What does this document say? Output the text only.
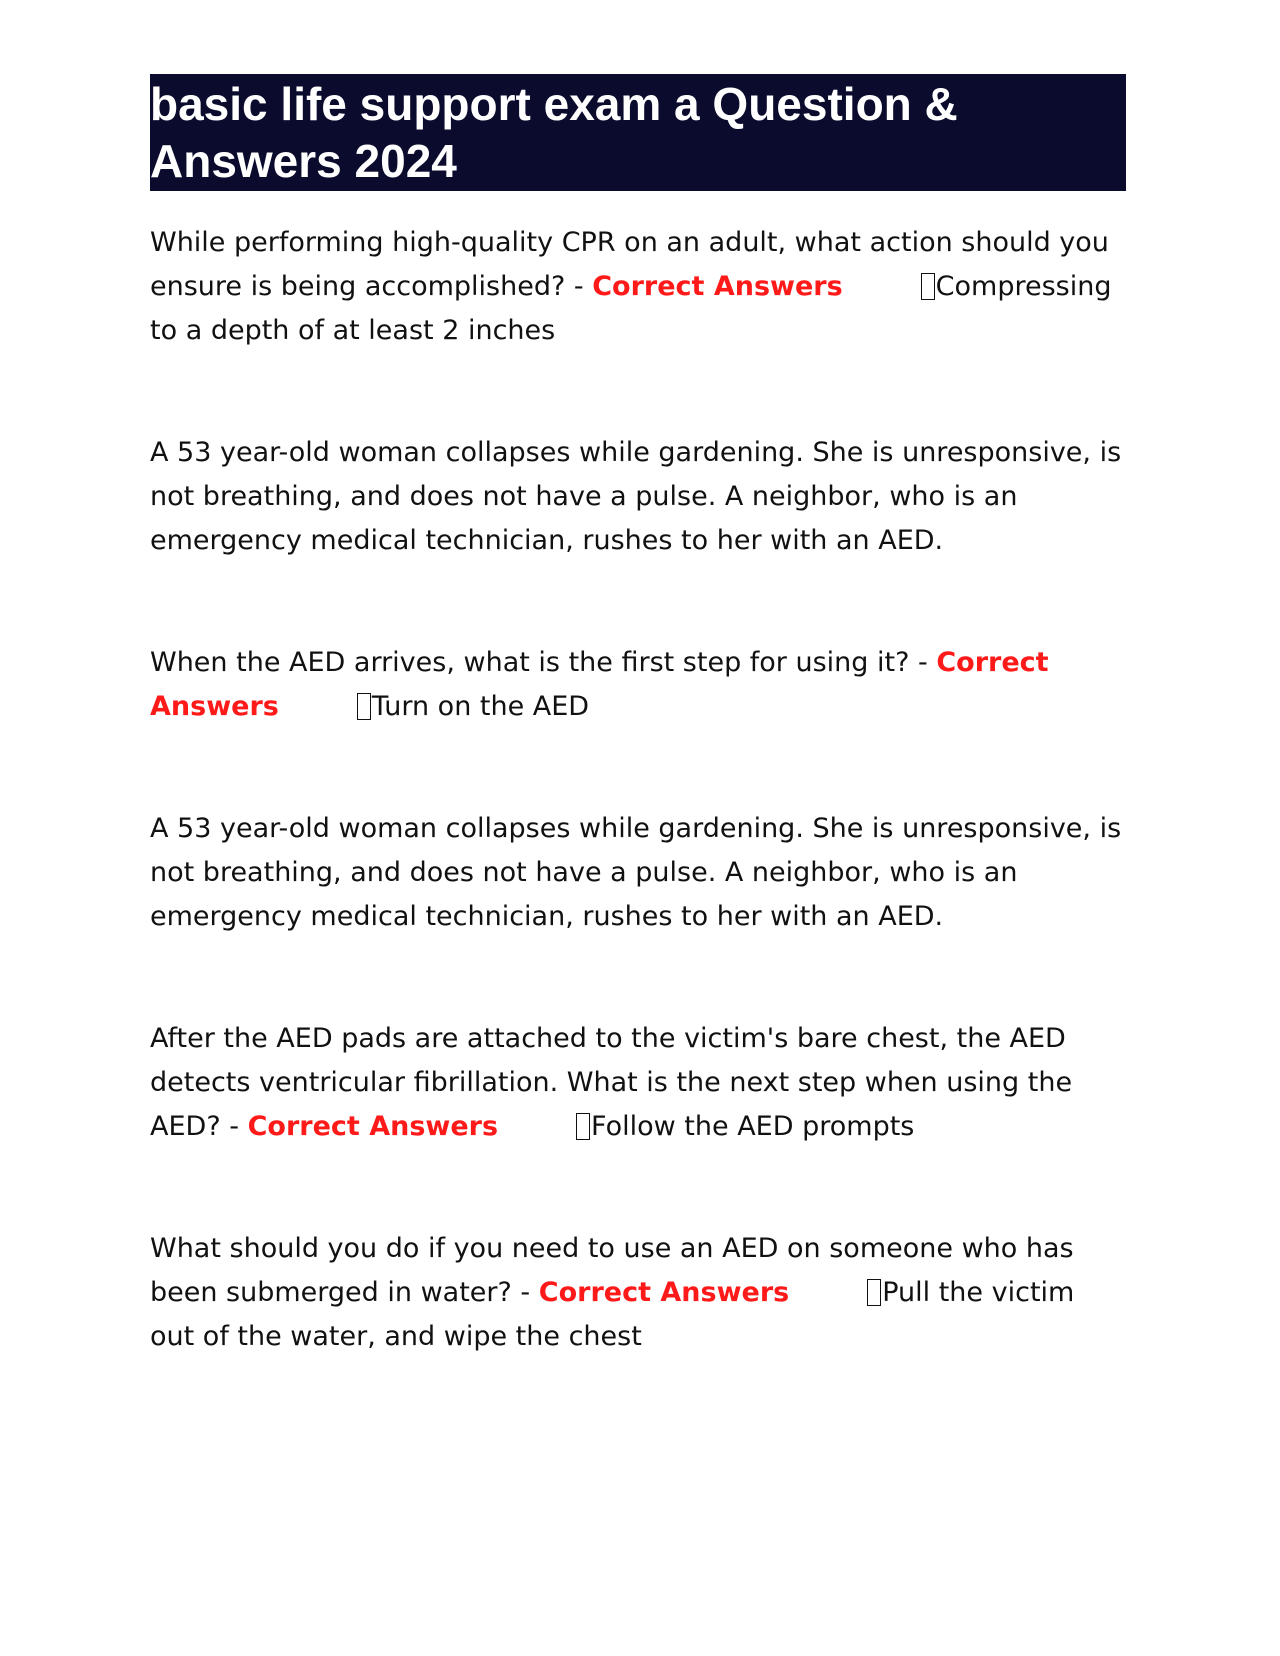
basic life support exam a Question & Answers 2024

While performing high-quality CPR on an adult, what action should you ensure is being accomplished? - Correct Answers	Compressing to a depth of at least 2 inches

A 53 year-old woman collapses while gardening. She is unresponsive, is not breathing, and does not have a pulse. A neighbor, who is an emergency medical technician, rushes to her with an AED.

When the AED arrives, what is the first step for using it? - Correct Answers	Turn on the AED

A 53 year-old woman collapses while gardening. She is unresponsive, is not breathing, and does not have a pulse. A neighbor, who is an emergency medical technician, rushes to her with an AED.

After the AED pads are attached to the victim's bare chest, the AED detects ventricular fibrillation. What is the next step when using the AED? - Correct Answers	Follow the AED prompts

What should you do if you need to use an AED on someone who has been submerged in water? - Correct Answers	Pull the victim out of the water, and wipe the chest
